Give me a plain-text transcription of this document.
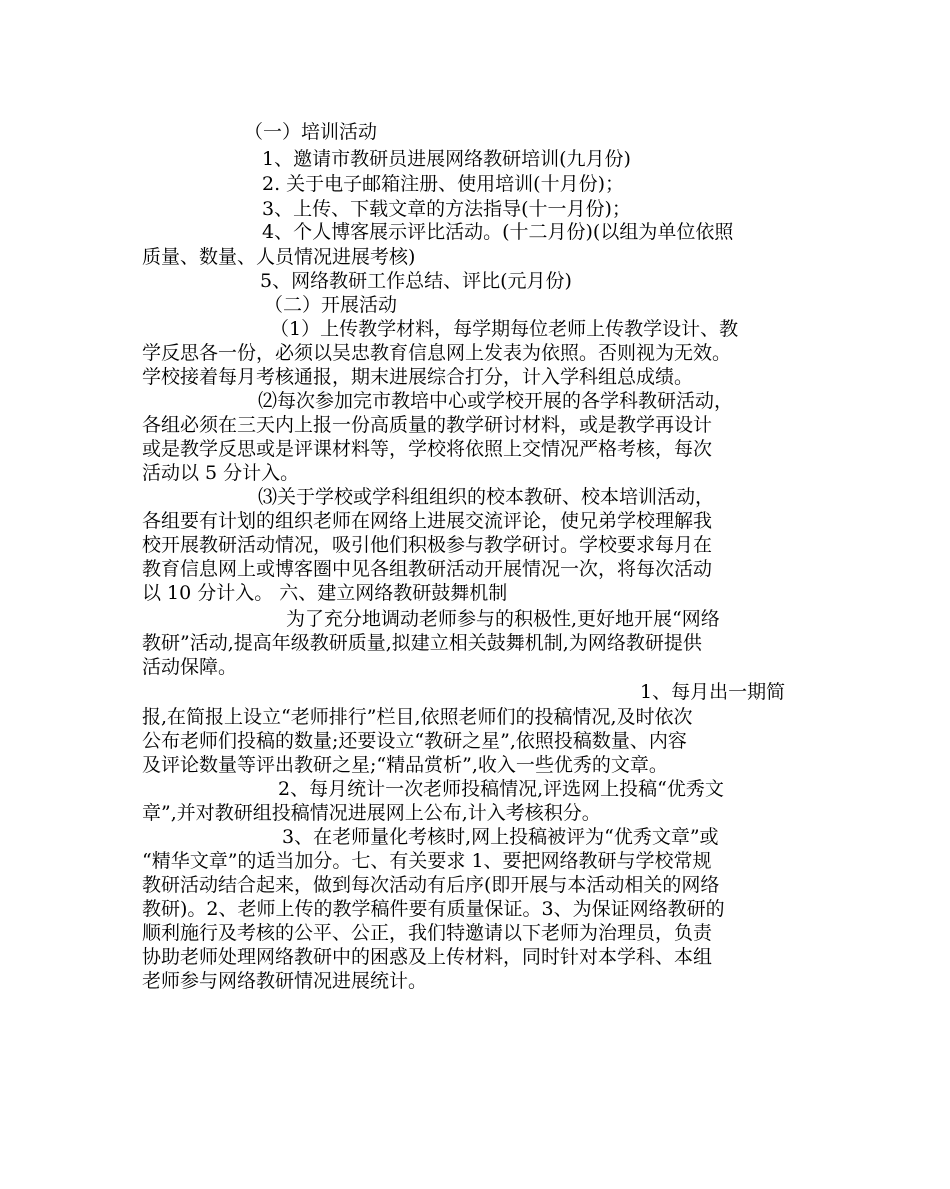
（一）培训活动

1、邀请市教研员进展网络教研培训(九月份)

2. 关于电子邮箱注册、使用培训(十月份)；

3、上传、下载文章的方法指导(十一月份)；

4、个人博客展示评比活动。(十二月份)(以组为单位依照

质量、数量、人员情况进展考核)

5、网络教研工作总结、评比(元月份)

（二）开展活动

（1）上传教学材料，每学期每位老师上传教学设计、教

学反思各一份，必须以吴忠教育信息网上发表为依照。否则视为无效。

学校接着每月考核通报，期末进展综合打分，计入学科组总成绩。

⑵每次参加完市教培中心或学校开展的各学科教研活动，

各组必须在三天内上报一份高质量的教学研讨材料，或是教学再设计

或是教学反思或是评课材料等，学校将依照上交情况严格考核，每次

活动以 5 分计入。

⑶关于学校或学科组组织的校本教研、校本培训活动，

各组要有计划的组织老师在网络上进展交流评论，使兄弟学校理解我

校开展教研活动情况，吸引他们积极参与教学研讨。学校要求每月在

教育信息网上或博客圈中见各组教研活动开展情况一次，将每次活动

以 10 分计入。 六、建立网络教研鼓舞机制

为了充分地调动老师参与的积极性,更好地开展“网络

教研”活动,提高年级教研质量,拟建立相关鼓舞机制,为网络教研提供

活动保障。

1、每月出一期简

报,在简报上设立“老师排行”栏目,依照老师们的投稿情况,及时依次

公布老师们投稿的数量;还要设立“教研之星”,依照投稿数量、内容

及评论数量等评出教研之星;“精品赏析”,收入一些优秀的文章。

2、每月统计一次老师投稿情况,评选网上投稿“优秀文

章”,并对教研组投稿情况进展网上公布,计入考核积分。

3、在老师量化考核时,网上投稿被评为“优秀文章”或

“精华文章”的适当加分。七、有关要求 1、要把网络教研与学校常规

教研活动结合起来，做到每次活动有后序(即开展与本活动相关的网络

教研)。2、老师上传的教学稿件要有质量保证。3、为保证网络教研的

顺利施行及考核的公平、公正，我们特邀请以下老师为治理员，负责

协助老师处理网络教研中的困惑及上传材料，同时针对本学科、本组

老师参与网络教研情况进展统计。
